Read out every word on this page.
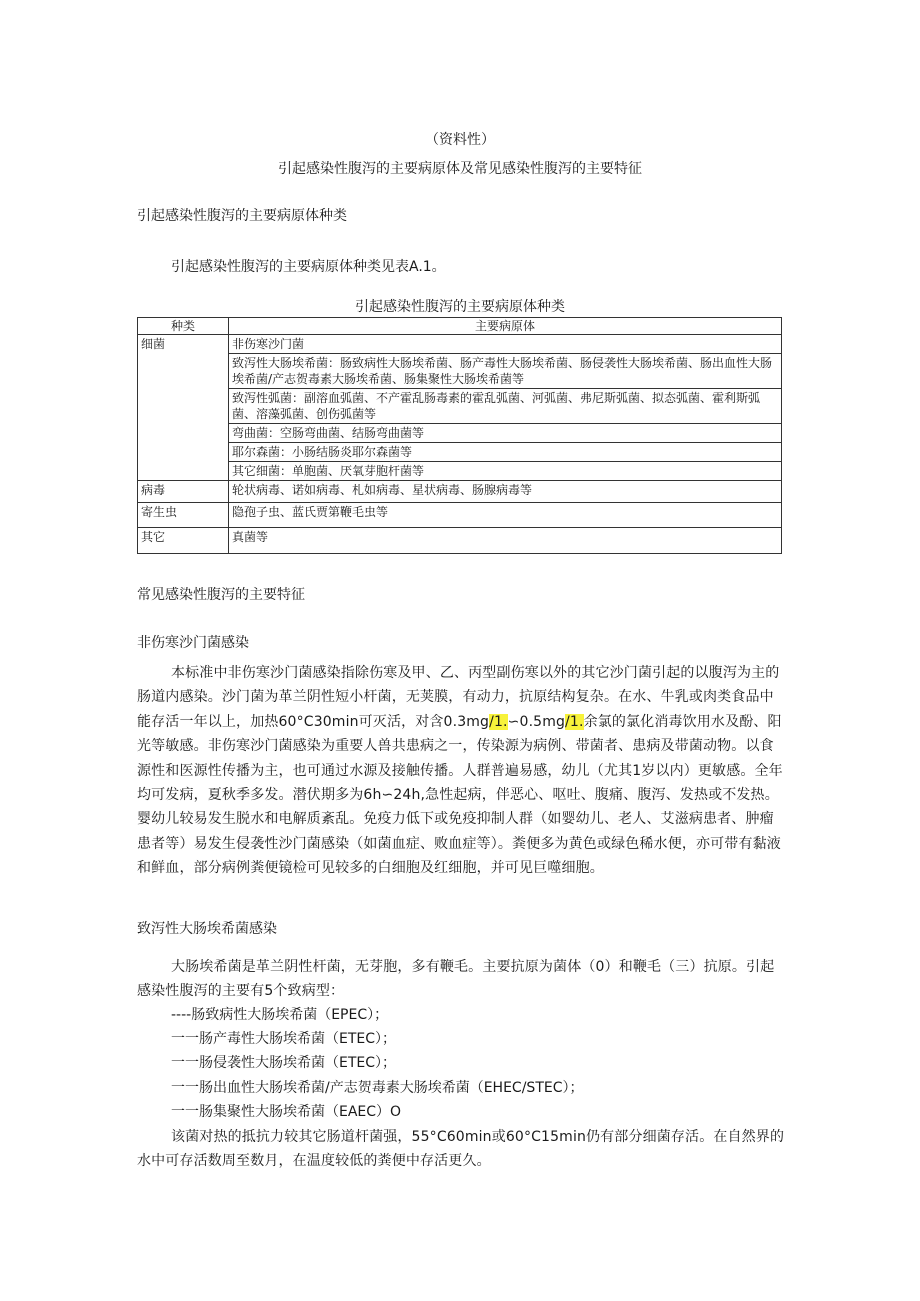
（资料性）
引起感染性腹泻的主要病原体及常见感染性腹泻的主要特征
引起感染性腹泻的主要病原体种类
引起感染性腹泻的主要病原体种类见表A.1。
引起感染性腹泻的主要病原体种类
种类	主要病原体
细菌	非伤寒沙门菌
	致泻性大肠埃希菌：肠致病性大肠埃希菌、肠产毒性大肠埃希菌、肠侵袭性大肠埃希菌、肠出血性大肠埃希菌/产志贺毒素大肠埃希菌、肠集聚性大肠埃希菌等
	致泻性弧菌：副溶血弧菌、不产霍乱肠毒素的霍乱弧菌、河弧菌、弗尼斯弧菌、拟态弧菌、霍利斯弧菌、溶藻弧菌、创伤弧菌等
	弯曲菌：空肠弯曲菌、结肠弯曲菌等
	耶尔森菌：小肠结肠炎耶尔森菌等
	其它细菌：单胞菌、厌氧芽胞杆菌等
病毒	轮状病毒、诺如病毒、札如病毒、星状病毒、肠腺病毒等
寄生虫	隐孢子虫、蓝氏贾第鞭毛虫等
其它	真菌等
常见感染性腹泻的主要特征
非伤寒沙门菌感染
本标准中非伤寒沙门菌感染指除伤寒及甲、乙、丙型副伤寒以外的其它沙门菌引起的以腹泻为主的肠道内感染。沙门菌为革兰阴性短小杆菌，无荚膜，有动力，抗原结构复杂。在水、牛乳或肉类食品中能存活一年以上，加热60°C30min可灭活，对含0.3mg/1.∽0.5mg/1.余氯的氯化消毒饮用水及酚、阳光等敏感。非伤寒沙门菌感染为重要人兽共患病之一，传染源为病例、带菌者、患病及带菌动物。以食源性和医源性传播为主，也可通过水源及接触传播。人群普遍易感，幼儿（尤其1岁以内）更敏感。全年均可发病，夏秋季多发。潜伏期多为6h∽24h,急性起病，伴恶心、呕吐、腹痛、腹泻、发热或不发热。婴幼儿较易发生脱水和电解质紊乱。免疫力低下或免疫抑制人群（如婴幼儿、老人、艾滋病患者、肿瘤患者等）易发生侵袭性沙门菌感染（如菌血症、败血症等）。粪便多为黄色或绿色稀水便，亦可带有黏液和鲜血，部分病例粪便镜检可见较多的白细胞及红细胞，并可见巨噬细胞。
致泻性大肠埃希菌感染
大肠埃希菌是革兰阴性杆菌，无芽胞，多有鞭毛。主要抗原为菌体（0）和鞭毛（三）抗原。引起感染性腹泻的主要有5个致病型：
----肠致病性大肠埃希菌（EPEC）；
一一肠产毒性大肠埃希菌（ETEC）；
一一肠侵袭性大肠埃希菌（ETEC）；
一一肠出血性大肠埃希菌/产志贺毒素大肠埃希菌（EHEC/STEC）；
一一肠集聚性大肠埃希菌（EAEC）O
该菌对热的抵抗力较其它肠道杆菌强，55°C60min或60°C15min仍有部分细菌存活。在自然界的水中可存活数周至数月，在温度较低的粪便中存活更久。
